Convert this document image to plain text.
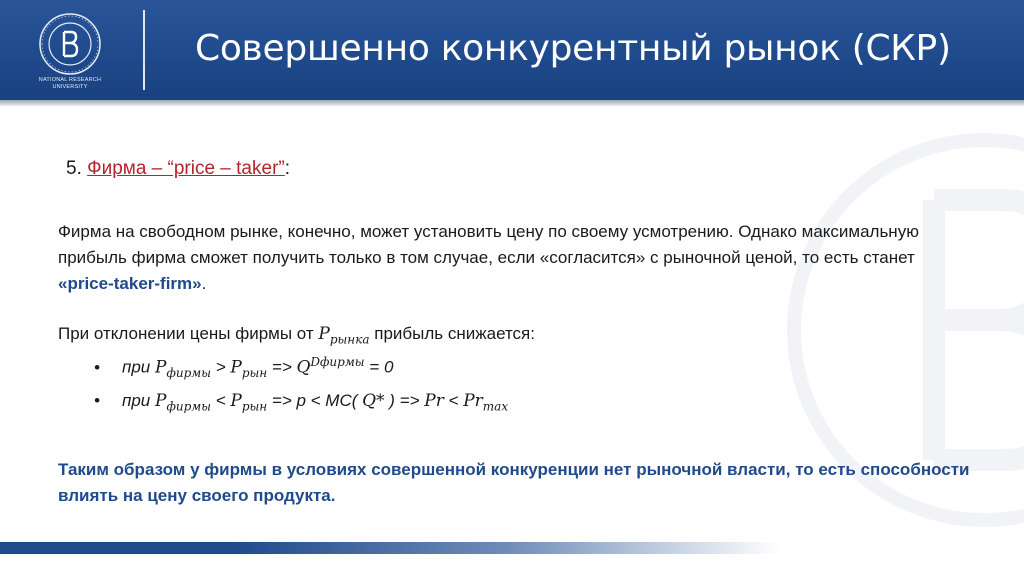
NATIONAL RESEARCH
UNIVERSITY
Совершенно конкурентный рынок (СКР)
5. Фирма – “price – taker”:
Фирма на свободном рынке, конечно, может установить цену по своему усмотрению. Однако максимальную прибыль фирма сможет получить только в том случае, если «согласится» с рыночной ценой, то есть станет «price-taker-firm».
При отклонении цены фирмы от $P_{рынка}$ прибыль снижается:
• при $P_{фирмы} > P_{рын} => Q^{Dфирмы} = 0$
• при $P_{фирмы} < P_{рын} => p < MC$( Q* ) => $Pr < Pr_{max}$
Таким образом у фирмы в условиях совершенной конкуренции нет рыночной власти, то есть способности влиять на цену своего продукта.
